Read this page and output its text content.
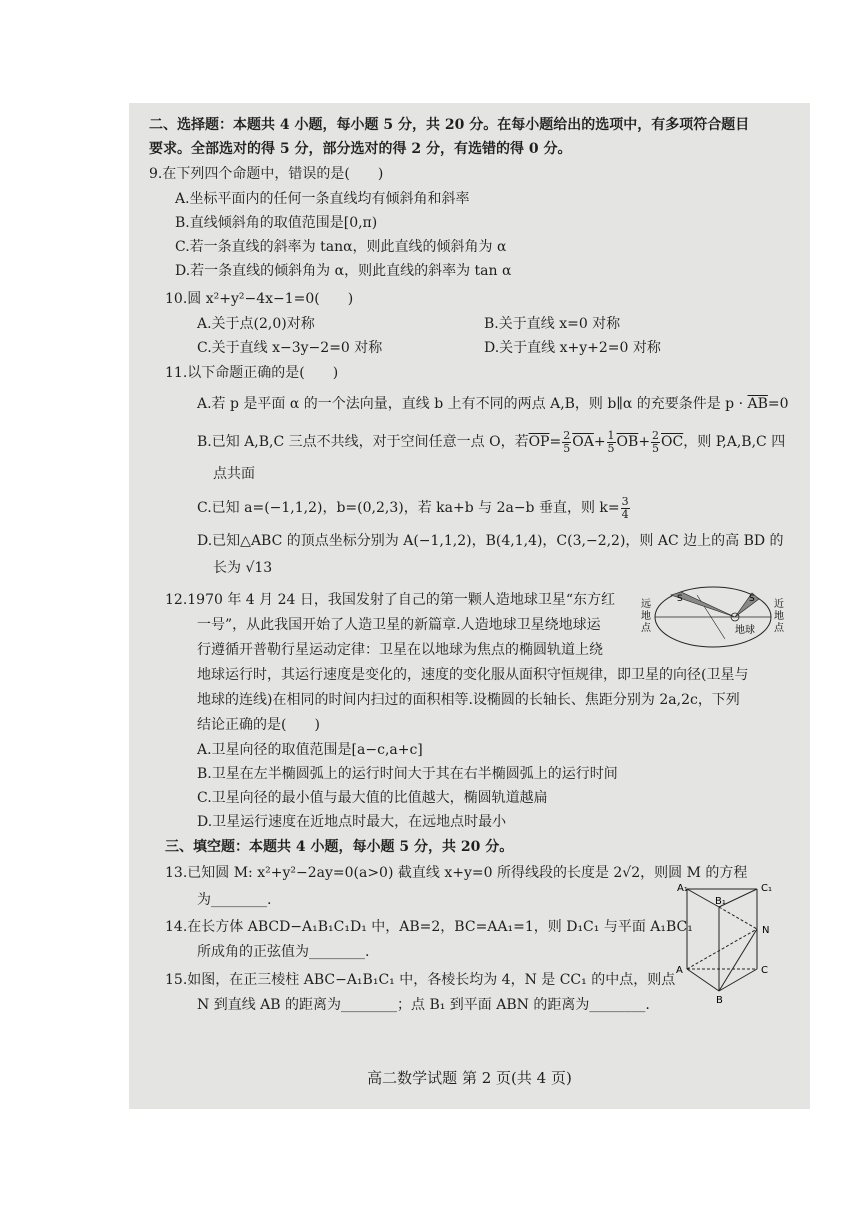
二、选择题：本题共 4 小题，每小题 5 分，共 20 分。在每小题给出的选项中，有多项符合题目
要求。全部选对的得 5 分，部分选对的得 2 分，有选错的得 0 分。
9.在下列四个命题中，错误的是(　　)
A.坐标平面内的任何一条直线均有倾斜角和斜率
B.直线倾斜角的取值范围是[0,π)
C.若一条直线的斜率为 tanα，则此直线的倾斜角为 α
D.若一条直线的倾斜角为 α，则此直线的斜率为 tan α
10.圆 x²+y²−4x−1=0(　　)
A.关于点(2,0)对称	B.关于直线 x=0 对称
C.关于直线 x−3y−2=0 对称	D.关于直线 x+y+2=0 对称
11.以下命题正确的是(　　)
A.若 p 是平面 α 的一个法向量，直线 b 上有不同的两点 A,B，则 b∥α 的充要条件是 $p \cdot \overline{AB}=0$
B.已知 A,B,C 三点不共线，对于空间任意一点 O，若$\overline{OP}= \frac{2}{5} \overline{OA}+ \frac{1}{5} \overline{OB}+ \frac{2}{5} \overline{OC}$，则 P,A,B,C 四
点共面
C.已知 a=(−1,1,2)，b=(0,2,3)，若 ka+b 与 2a−b 垂直，则 $k= \frac{3}{4}$
D.已知△ABC 的顶点坐标分别为 A(−1,1,2)，B(4,1,4)，C(3,−2,2)，则 AC 边上的高 BD 的
长为 √13
12.1970 年 4 月 24 日，我国发射了自己的第一颗人造地球卫星“东方红
一号”，从此我国开始了人造卫星的新篇章.人造地球卫星绕地球运
行遵循开普勒行星运动定律：卫星在以地球为焦点的椭圆轨道上绕
地球运行时，其运行速度是变化的，速度的变化服从面积守恒规律，即卫星的向径(卫星与
地球的连线)在相同的时间内扫过的面积相等.设椭圆的长轴长、焦距分别为 2a,2c，下列
结论正确的是(　　)
A.卫星向径的取值范围是[a−c,a+c]
B.卫星在左半椭圆弧上的运行时间大于其在右半椭圆弧上的运行时间
C.卫星向径的最小值与最大值的比值越大，椭圆轨道越扁
D.卫星运行速度在近地点时最大，在远地点时最小
S	S
地球
远 地 点
近 地 点
三、填空题：本题共 4 小题，每小题 5 分，共 20 分。
13.已知圆 M: x²+y²−2ay=0(a>0) 截直线 x+y=0 所得线段的长度是 2√2，则圆 M 的方程
为________.
14.在长方体 ABCD−A₁B₁C₁D₁ 中，AB=2，BC=AA₁=1，则 D₁C₁ 与平面 A₁BC₁
所成角的正弦值为________.
15.如图，在正三棱柱 ABC−A₁B₁C₁ 中，各棱长均为 4，N 是 CC₁ 的中点，则点
N 到直线 AB 的距离为________；点 B₁ 到平面 ABN 的距离为________.
A₁	C₁
B₁
N
A	C
B
高二数学试题 第 2 页(共 4 页)
